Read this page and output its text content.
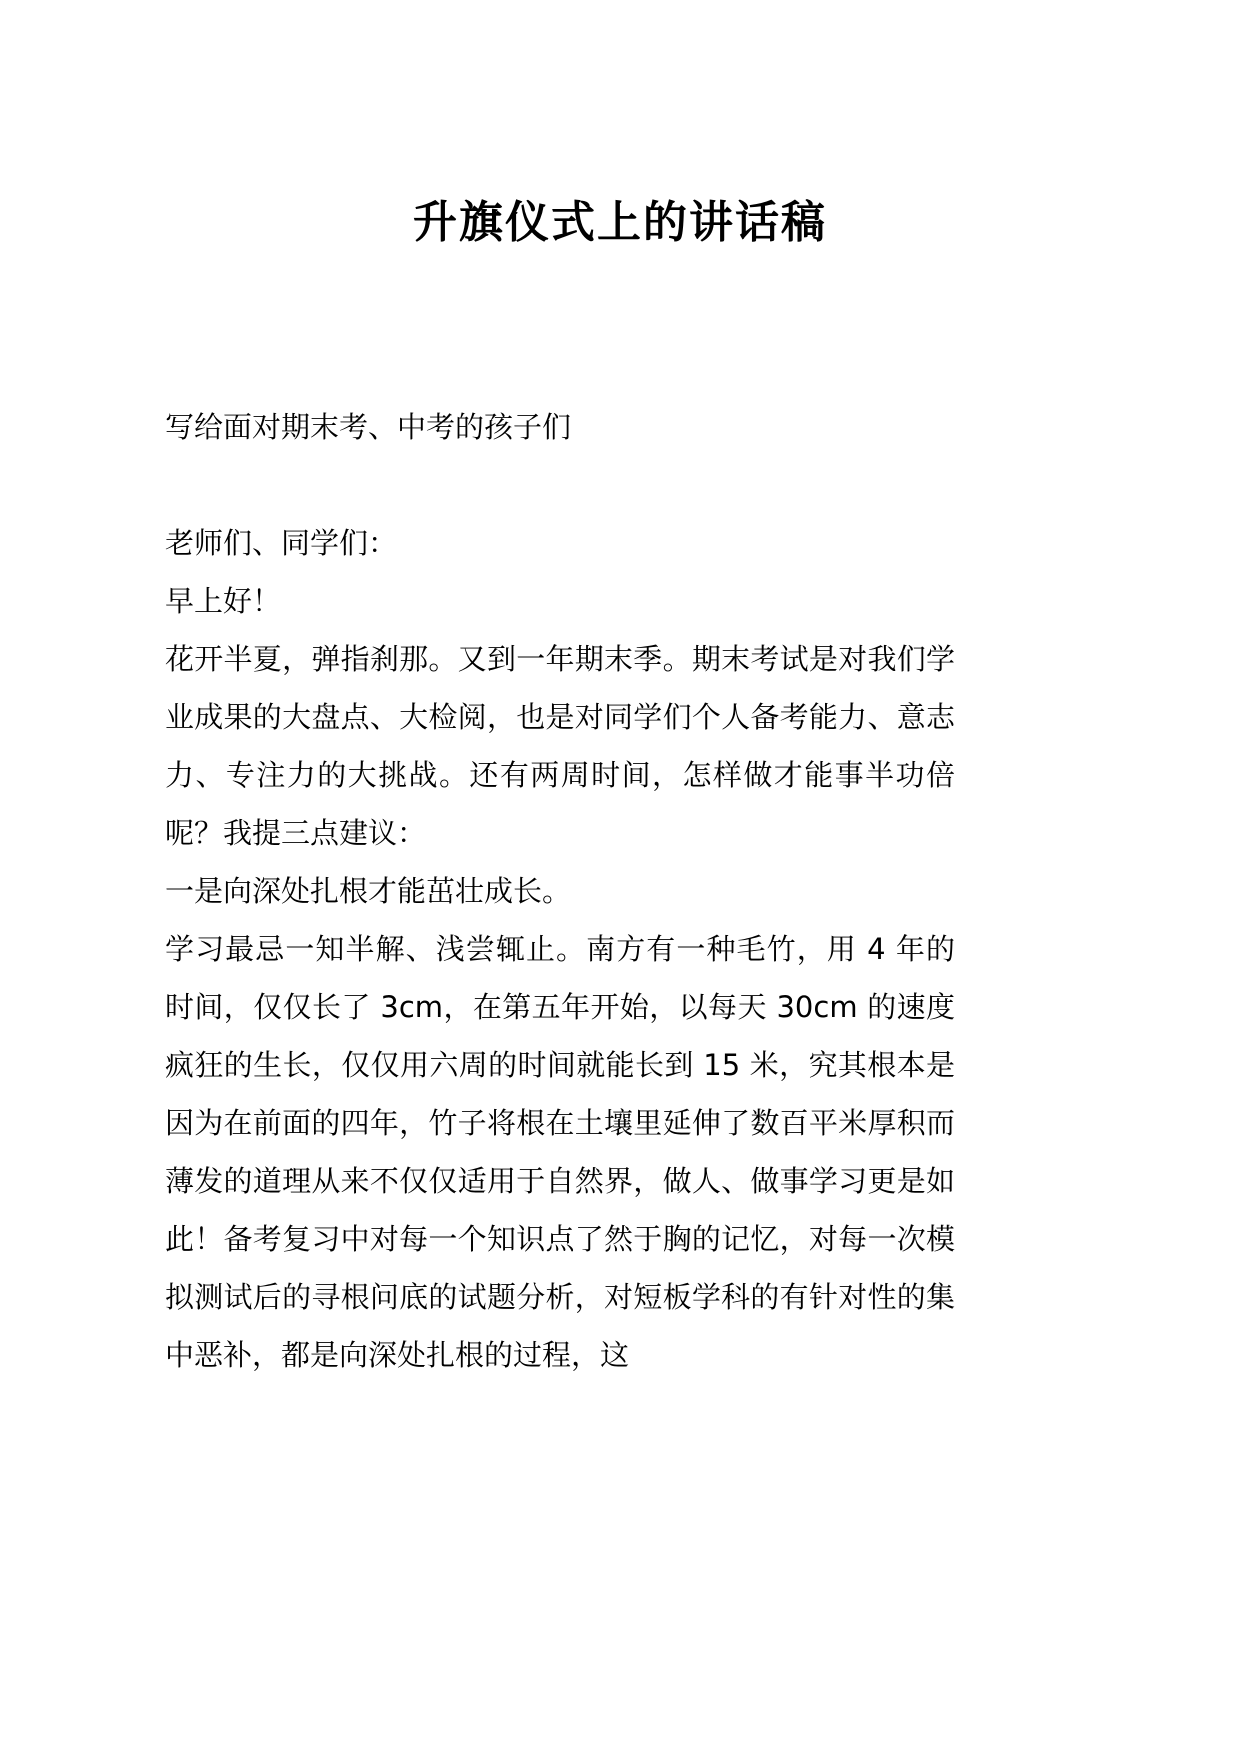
升旗仪式上的讲话稿

写给面对期末考、中考的孩子们

老师们、同学们：

早上好！

花开半夏，弹指刹那。又到一年期末季。期末考试是对我们学业成果的大盘点、大检阅，也是对同学们个人备考能力、意志力、专注力的大挑战。还有两周时间，怎样做才能事半功倍呢？我提三点建议：

一是向深处扎根才能茁壮成长。

学习最忌一知半解、浅尝辄止。南方有一种毛竹，用 4 年的时间，仅仅长了 3cm，在第五年开始，以每天 30cm 的速度疯狂的生长，仅仅用六周的时间就能长到 15 米，究其根本是因为在前面的四年，竹子将根在土壤里延伸了数百平米厚积而薄发的道理从来不仅仅适用于自然界，做人、做事学习更是如此！备考复习中对每一个知识点了然于胸的记忆，对每一次模拟测试后的寻根问底的试题分析，对短板学科的有针对性的集中恶补，都是向深处扎根的过程，这
